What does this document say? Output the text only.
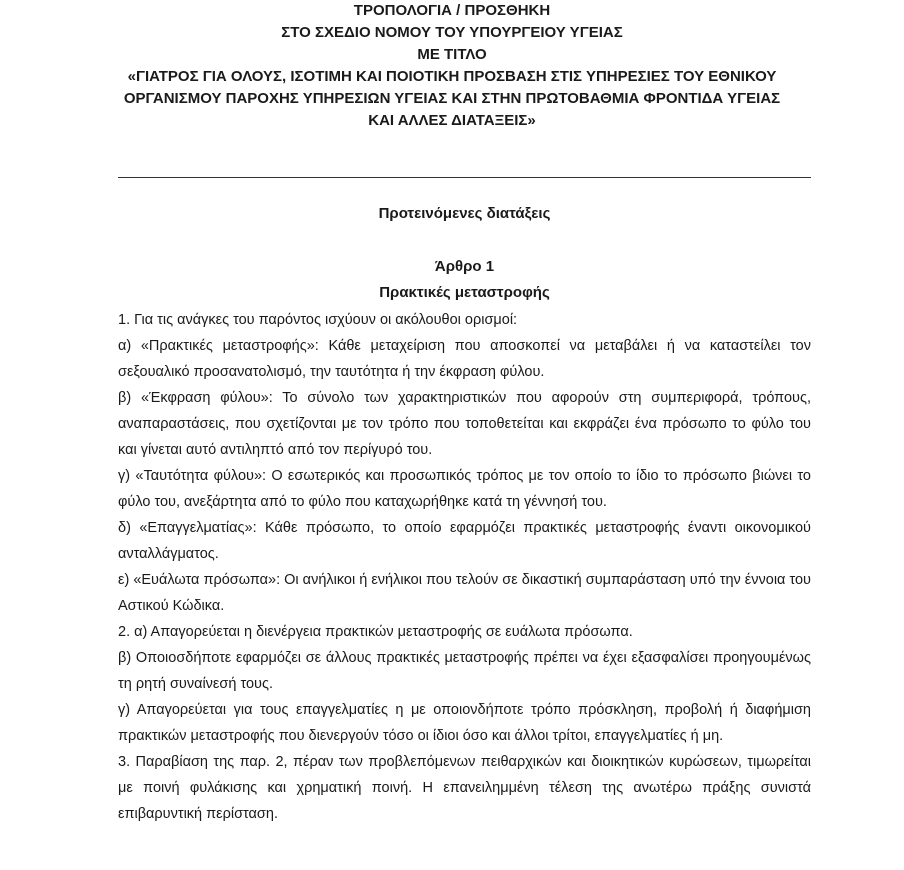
ΤΡΟΠΟΛΟΓΙΑ / ΠΡΟΣΘΗΚΗ
ΣΤΟ ΣΧΕΔΙΟ ΝΟΜΟΥ ΤΟΥ ΥΠΟΥΡΓΕΙΟΥ ΥΓΕΙΑΣ
ΜΕ ΤΙΤΛΟ
«ΓΙΑΤΡΟΣ ΓΙΑ ΟΛΟΥΣ, ΙΣΟΤΙΜΗ ΚΑΙ ΠΟΙΟΤΙΚΗ ΠΡΟΣΒΑΣΗ ΣΤΙΣ ΥΠΗΡΕΣΙΕΣ ΤΟΥ ΕΘΝΙΚΟΥ
ΟΡΓΑΝΙΣΜΟΥ ΠΑΡΟΧΗΣ ΥΠΗΡΕΣΙΩΝ ΥΓΕΙΑΣ ΚΑΙ ΣΤΗΝ ΠΡΩΤΟΒΑΘΜΙΑ ΦΡΟΝΤΙΔΑ ΥΓΕΙΑΣ
ΚΑΙ ΑΛΛΕΣ ΔΙΑΤΑΞΕΙΣ»
Προτεινόμενες διατάξεις
Άρθρο 1
Πρακτικές μεταστροφής

1. Για τις ανάγκες του παρόντος ισχύουν οι ακόλουθοι ορισμοί:

α) «Πρακτικές μεταστροφής»: Κάθε μεταχείριση που αποσκοπεί να μεταβάλει ή να καταστείλει τον σεξουαλικό προσανατολισμό, την ταυτότητα ή την έκφραση φύλου.

β) «Έκφραση φύλου»: Το σύνολο των χαρακτηριστικών που αφορούν στη συμπεριφορά, τρόπους, αναπαραστάσεις, που σχετίζονται με τον τρόπο που τοποθετείται και εκφράζει ένα πρόσωπο το φύλο του και γίνεται αυτό αντιληπτό από τον περίγυρό του.

γ) «Ταυτότητα φύλου»: Ο εσωτερικός και προσωπικός τρόπος με τον οποίο το ίδιο το πρόσωπο βιώνει το φύλο του, ανεξάρτητα από το φύλο που καταχωρήθηκε κατά τη γέννησή του.

δ) «Επαγγελματίας»: Κάθε πρόσωπο, το οποίο εφαρμόζει πρακτικές μεταστροφής έναντι οικονομικού ανταλλάγματος.

ε) «Ευάλωτα πρόσωπα»: Οι ανήλικοι ή ενήλικοι που τελούν σε δικαστική συμπαράσταση υπό την έννοια του Αστικού Κώδικα.

2. α) Απαγορεύεται η διενέργεια πρακτικών μεταστροφής σε ευάλωτα πρόσωπα.

β) Οποιοσδήποτε εφαρμόζει σε άλλους πρακτικές μεταστροφής πρέπει να έχει εξασφαλίσει προηγουμένως τη ρητή συναίνεσή τους.

γ) Απαγορεύεται για τους επαγγελματίες η με οποιονδήποτε τρόπο πρόσκληση, προβολή ή διαφήμιση πρακτικών μεταστροφής που διενεργούν τόσο οι ίδιοι όσο και άλλοι τρίτοι, επαγγελματίες ή μη.

3. Παραβίαση της παρ. 2, πέραν των προβλεπόμενων πειθαρχικών και διοικητικών κυρώσεων, τιμωρείται με ποινή φυλάκισης και χρηματική ποινή. Η επανειλημμένη τέλεση της ανωτέρω πράξης συνιστά επιβαρυντική περίσταση.
